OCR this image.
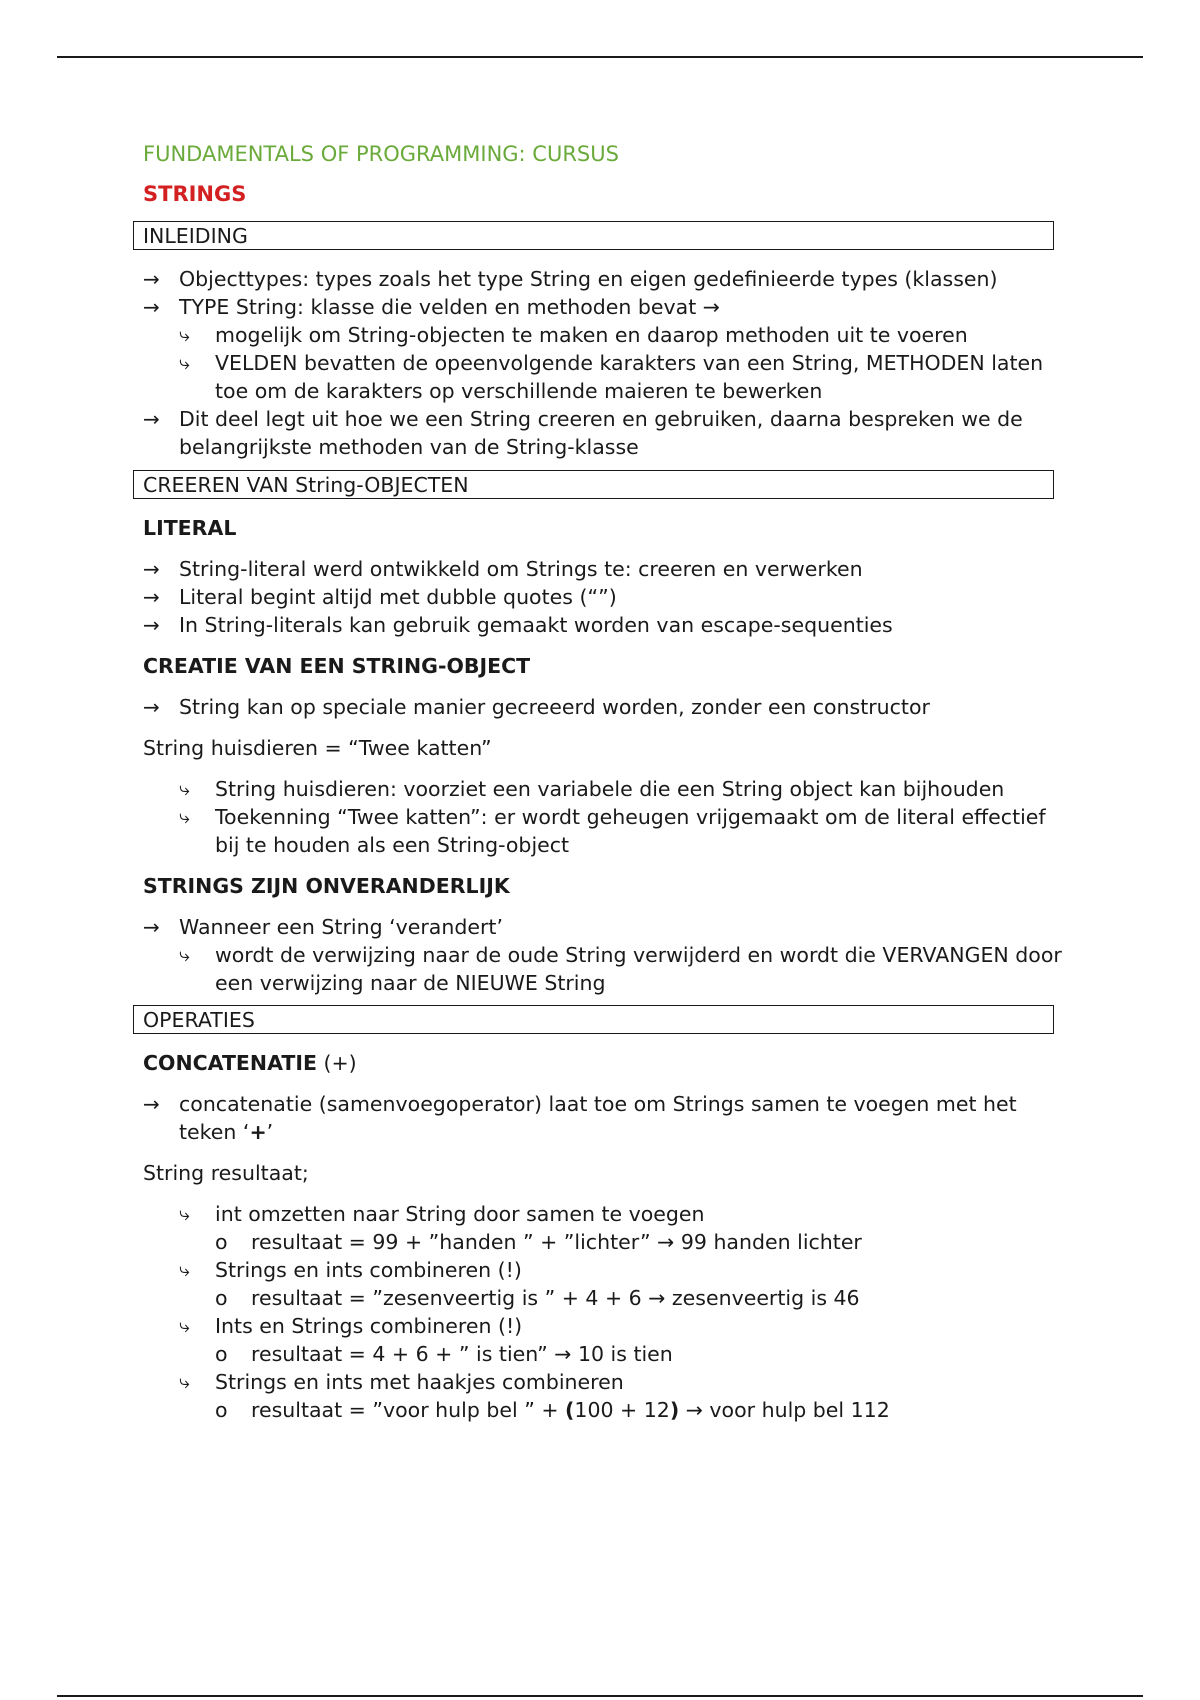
FUNDAMENTALS OF PROGRAMMING: CURSUS
STRINGS
INLEIDING
→ Objecttypes: types zoals het type String en eigen gedefinieerde types (klassen)
→ TYPE String: klasse die velden en methoden bevat →
⤷ mogelijk om String-objecten te maken en daarop methoden uit te voeren
⤷ VELDEN bevatten de opeenvolgende karakters van een String, METHODEN laten toe om de karakters op verschillende maieren te bewerken
→ Dit deel legt uit hoe we een String creeren en gebruiken, daarna bespreken we de belangrijkste methoden van de String-klasse
CREEREN VAN String-OBJECTEN
LITERAL
→ String-literal werd ontwikkeld om Strings te: creeren en verwerken
→ Literal begint altijd met dubble quotes (“”)
→ In String-literals kan gebruik gemaakt worden van escape-sequenties
CREATIE VAN EEN STRING-OBJECT
→ String kan op speciale manier gecreeerd worden, zonder een constructor

String huisdieren = “Twee katten”

⤷ String huisdieren: voorziet een variabele die een String object kan bijhouden
⤷ Toekenning “Twee katten”: er wordt geheugen vrijgemaakt om de literal effectief bij te houden als een String-object
STRINGS ZIJN ONVERANDERLIJK
→ Wanneer een String ‘verandert’
⤷ wordt de verwijzing naar de oude String verwijderd en wordt die VERVANGEN door een verwijzing naar de NIEUWE String
OPERATIES
CONCATENATIE (+)
→ concatenatie (samenvoegoperator) laat toe om Strings samen te voegen met het teken ‘+’

String resultaat;

⤷ int omzetten naar String door samen te voegen
o resultaat = 99 + ”handen ” + ”lichter” → 99 handen lichter
⤷ Strings en ints combineren (!)
o resultaat = ”zesenveertig is ” + 4 + 6 → zesenveertig is 46
⤷ Ints en Strings combineren (!)
o resultaat = 4 + 6 + ” is tien” → 10 is tien
⤷ Strings en ints met haakjes combineren
o resultaat = ”voor hulp bel ” + (100 + 12) → voor hulp bel 112
